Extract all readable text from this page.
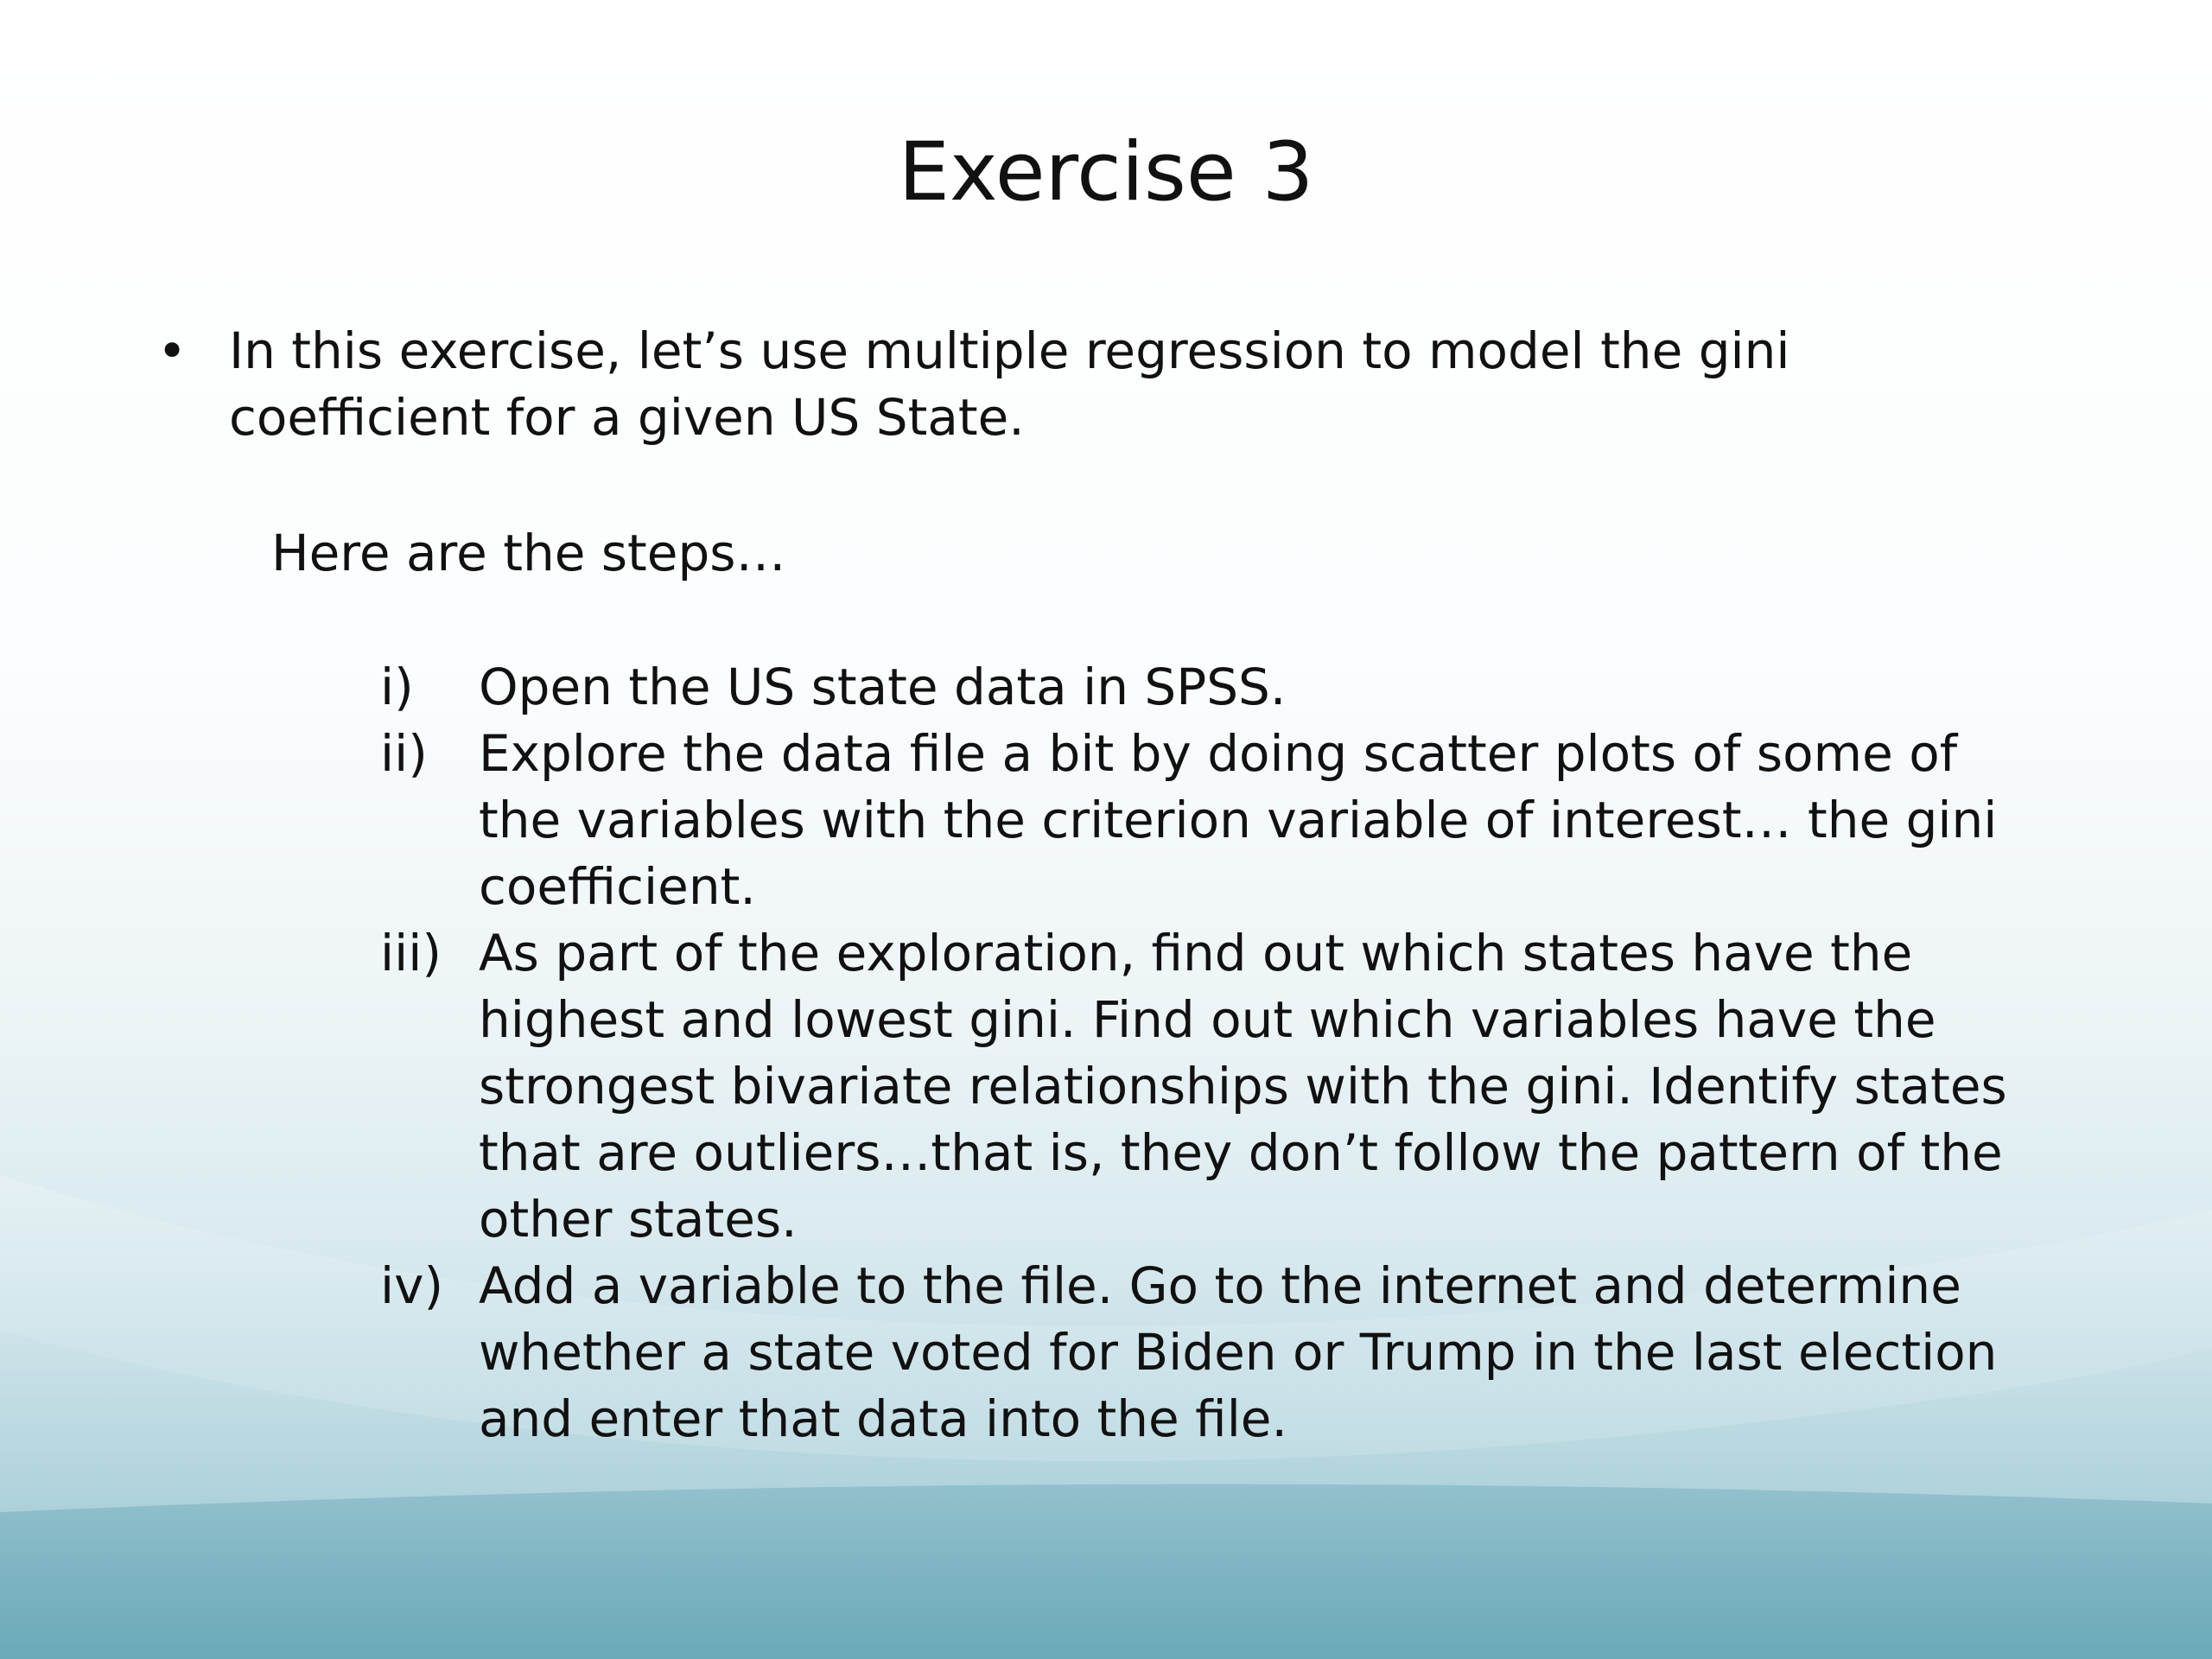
Exercise 3
• In this exercise, let’s use multiple regression to model the gini
coefficient for a given US State.
Here are the steps…
i)	Open the US state data in SPSS.
ii)	Explore the data file a bit by doing scatter plots of some of
the variables with the criterion variable of interest… the gini
coefficient.
iii) As part of the exploration, find out which states have the
highest and lowest gini. Find out which variables have the
strongest bivariate relationships with the gini. Identify states
that are outliers…that is, they don’t follow the pattern of the
other states.
iv) Add a variable to the file. Go to the internet and determine
whether a state voted for Biden or Trump in the last election
and enter that data into the file.
